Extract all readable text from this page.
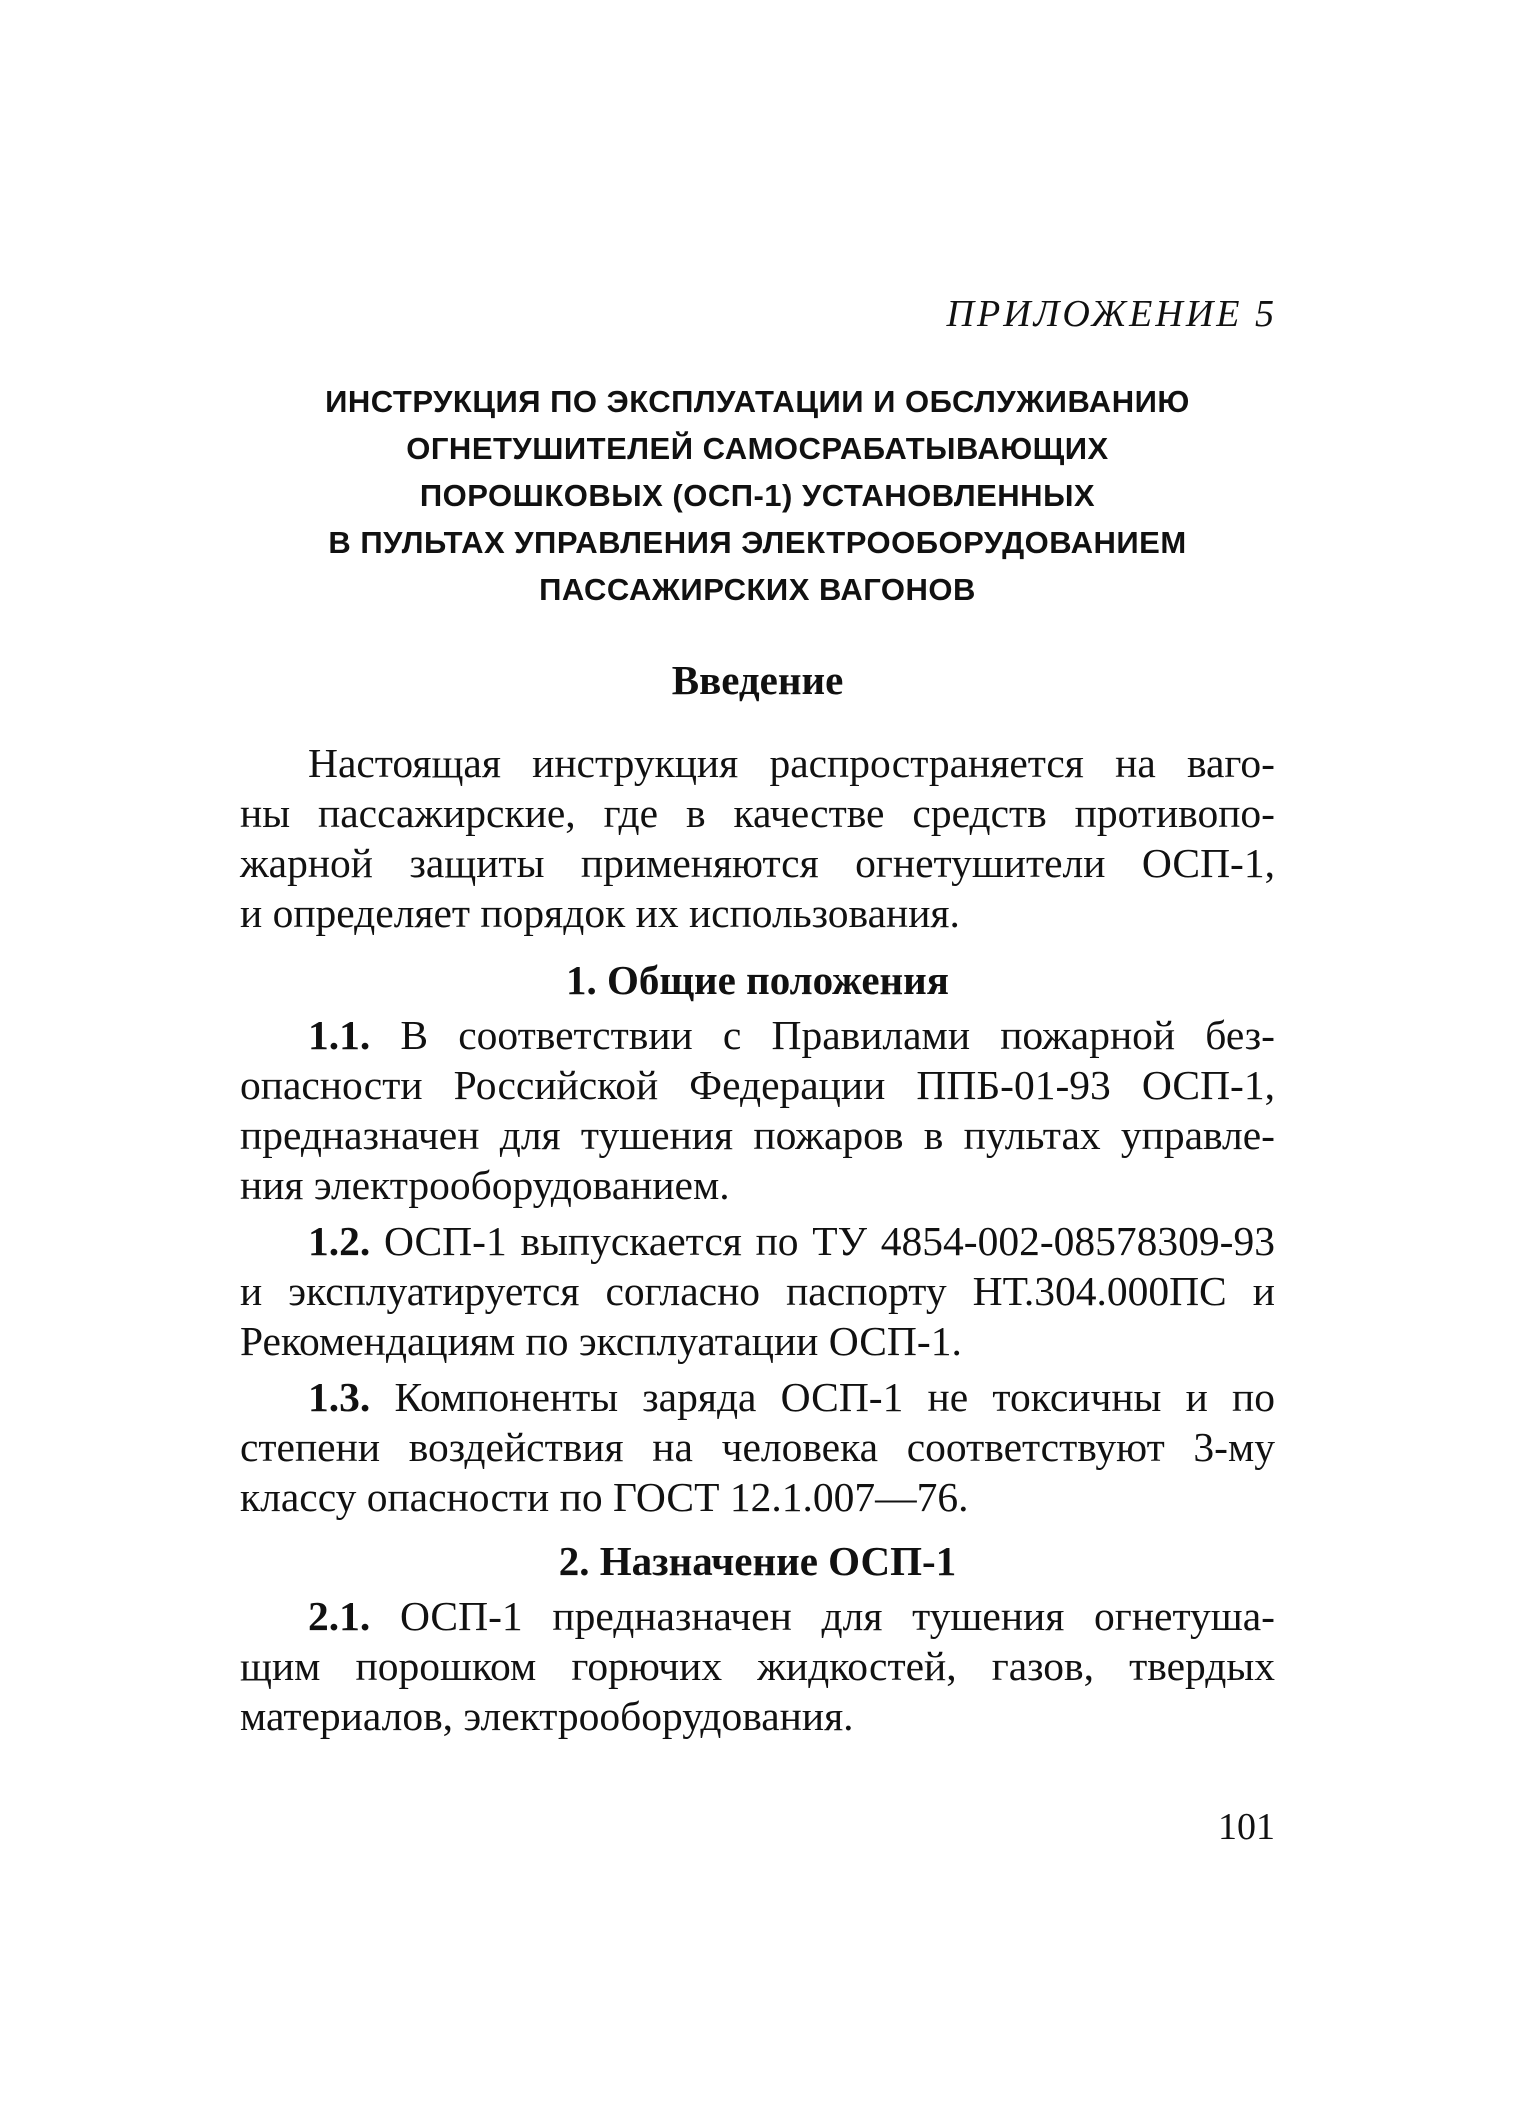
ПРИЛОЖЕНИЕ 5
ИНСТРУКЦИЯ ПО ЭКСПЛУАТАЦИИ И ОБСЛУЖИВАНИЮ
ОГНЕТУШИТЕЛЕЙ САМОСРАБАТЫВАЮЩИХ
ПОРОШКОВЫХ (ОСП-1) УСТАНОВЛЕННЫХ
В ПУЛЬТАХ УПРАВЛЕНИЯ ЭЛЕКТРООБОРУДОВАНИЕМ
ПАССАЖИРСКИХ ВАГОНОВ
Введение
Настоящая инструкция распространяется на ваго-
ны пассажирские, где в качестве средств противопо-
жарной защиты применяются огнетушители ОСП-1,
и определяет порядок их использования.
1. Общие положения
1.1. В соответствии с Правилами пожарной без-
опасности Российской Федерации ППБ-01-93 ОСП-1,
предназначен для тушения пожаров в пультах управле-
ния электрооборудованием.
1.2. ОСП-1 выпускается по ТУ 4854-002-08578309-93
и эксплуатируется согласно паспорту НТ.304.000ПС и
Рекомендациям по эксплуатации ОСП-1.
1.3. Компоненты заряда ОСП-1 не токсичны и по
степени воздействия на человека соответствуют 3-му
классу опасности по ГОСТ 12.1.007—76.
2. Назначение ОСП-1
2.1. ОСП-1 предназначен для тушения огнетуша-
щим порошком горючих жидкостей, газов, твердых
материалов, электрооборудования.
101
